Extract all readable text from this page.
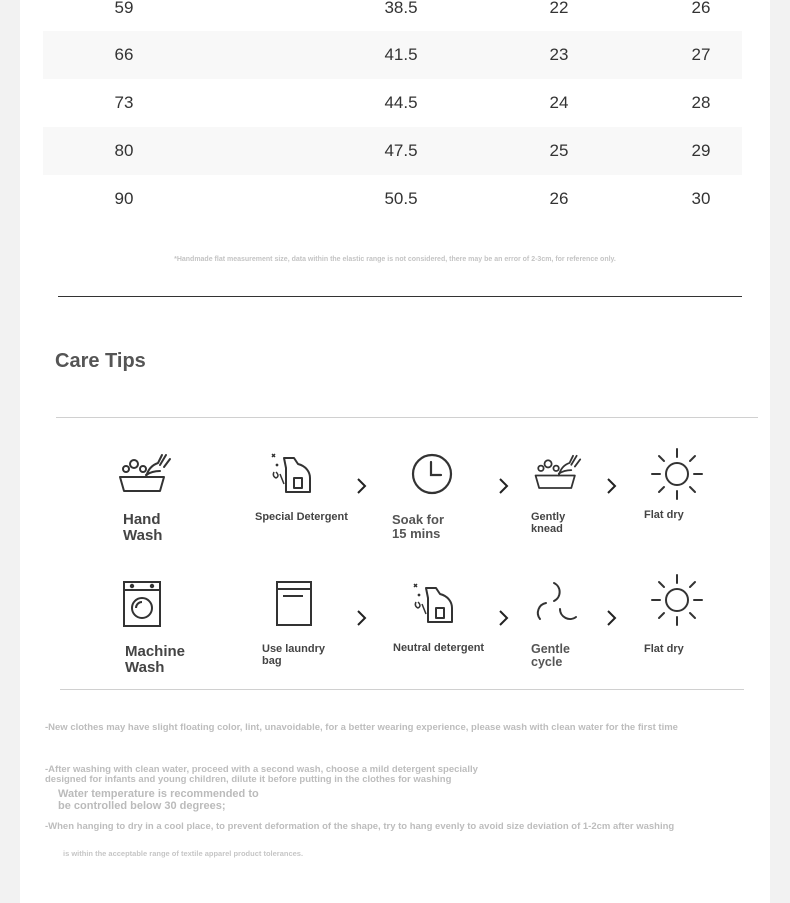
59	38.5	22	26
66	41.5	23	27
73	44.5	24	28
80	47.5	25	29
90	50.5	26	30
*Handmade flat measurement size, data within the elastic range is not considered, there may be an error of 2-3cm, for reference only.
Care Tips
Hand
Wash
Special Detergent	Soak for
15 mins
Gently
knead
Flat dry
Machine
Wash
Use laundry
bag
Neutral detergent	Gentle
cycle
Flat dry
-New clothes may have slight floating color, lint, unavoidable, for a better wearing experience, please wash with clean water for the first time
-After washing with clean water, proceed with a second wash, choose a mild detergent specially
designed for infants and young children, dilute it before putting in the clothes for washing
Water temperature is recommended to
be controlled below 30 degrees;
-When hanging to dry in a cool place, to prevent deformation of the shape, try to hang evenly to avoid size deviation of 1-2cm after washing
is within the acceptable range of textile apparel product tolerances.
